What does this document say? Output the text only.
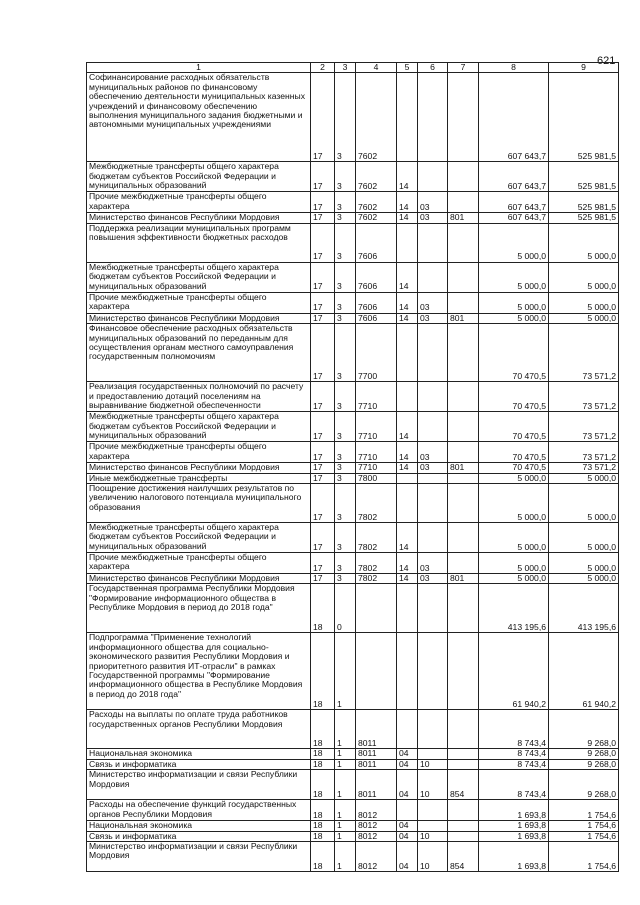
621
1	2	3	4	5	6	7	8	9
Софинансирование расходных обязательств муниципальных районов по финансовому обеспечению деятельности муниципальных казенных учреждений и финансовому обеспечению выполнения муниципального задания бюджетными и автономными муниципальных учреждениями	17	3	7602				607 643,7	525 981,5
Межбюджетные трансферты общего характера бюджетам субъектов Российской Федерации и муниципальных образований	17	3	7602	14			607 643,7	525 981,5
Прочие межбюджетные трансферты общего характера	17	3	7602	14	03		607 643,7	525 981,5
Министерство финансов Республики Мордовия	17	3	7602	14	03	801	607 643,7	525 981,5
Поддержка реализации муниципальных программ повышения эффективности бюджетных расходов	17	3	7606				5 000,0	5 000,0
Межбюджетные трансферты общего характера бюджетам субъектов Российской Федерации и муниципальных образований	17	3	7606	14			5 000,0	5 000,0
Прочие межбюджетные трансферты общего характера	17	3	7606	14	03		5 000,0	5 000,0
Министерство финансов Республики Мордовия	17	3	7606	14	03	801	5 000,0	5 000,0
Финансовое обеспечение расходных обязательств муниципальных образований по переданным для осуществления органам местного самоуправления государственным полномочиям	17	3	7700				70 470,5	73 571,2
Реализация государственных полномочий по расчету и предоставлению дотаций поселениям на выравнивание бюджетной обеспеченности	17	3	7710				70 470,5	73 571,2
Межбюджетные трансферты общего характера бюджетам субъектов Российской Федерации и муниципальных образований	17	3	7710	14			70 470,5	73 571,2
Прочие межбюджетные трансферты общего характера	17	3	7710	14	03		70 470,5	73 571,2
Министерство финансов Республики Мордовия	17	3	7710	14	03	801	70 470,5	73 571,2
Иные межбюджетные трансферты	17	3	7800				5 000,0	5 000,0
Поощрение достижения наилучших результатов по увеличению налогового потенциала муниципального образования	17	3	7802				5 000,0	5 000,0
Межбюджетные трансферты общего характера бюджетам субъектов Российской Федерации и муниципальных образований	17	3	7802	14			5 000,0	5 000,0
Прочие межбюджетные трансферты общего характера	17	3	7802	14	03		5 000,0	5 000,0
Министерство финансов Республики Мордовия	17	3	7802	14	03	801	5 000,0	5 000,0
Государственная программа Республики Мордовия "Формирование информационного общества в Республике Мордовия в период до 2018 года"	18	0					413 195,6	413 195,6
Подпрограмма "Применение технологий информационного общества для социально-экономического развития Республики Мордовия и приоритетного развития ИТ-отрасли" в рамках Государственной программы "Формирование информационного общества в Республике Мордовия в период до 2018 года"	18	1					61 940,2	61 940,2
Расходы на выплаты по оплате труда работников государственных органов Республики Мордовия	18	1	8011				8 743,4	9 268,0
Национальная экономика	18	1	8011	04			8 743,4	9 268,0
Связь и информатика	18	1	8011	04	10		8 743,4	9 268,0
Министерство информатизации и связи Республики Мордовия	18	1	8011	04	10	854	8 743,4	9 268,0
Расходы на обеспечение функций государственных органов Республики Мордовия	18	1	8012				1 693,8	1 754,6
Национальная экономика	18	1	8012	04			1 693,8	1 754,6
Связь и информатика	18	1	8012	04	10		1 693,8	1 754,6
Министерство информатизации и связи Республики Мордовия	18	1	8012	04	10	854	1 693,8	1 754,6
